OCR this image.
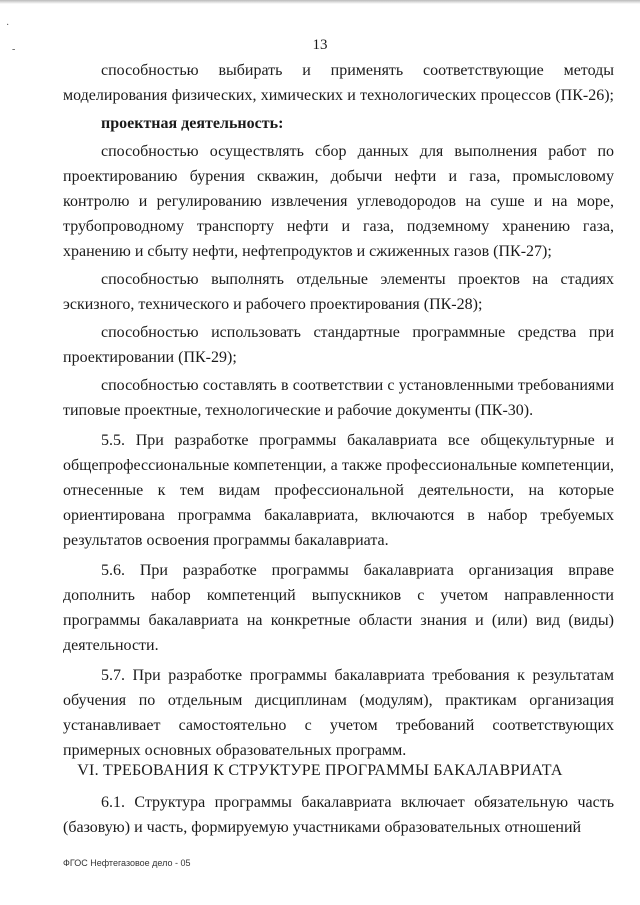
-
·
13

способностью выбирать и применять соответствующие методы моделирования физических, химических и технологических процессов (ПК-26);

проектная деятельность:

способностью осуществлять сбор данных для выполнения работ по проектированию бурения скважин, добычи нефти и газа, промысловому контролю и регулированию извлечения углеводородов на суше и на море, трубопроводному транспорту нефти и газа, подземному хранению газа, хранению и сбыту нефти, нефтепродуктов и сжиженных газов (ПК-27);

способностью выполнять отдельные элементы проектов на стадиях эскизного, технического и рабочего проектирования (ПК-28);

способностью использовать стандартные программные средства при проектировании (ПК-29);

способностью составлять в соответствии с установленными требованиями типовые проектные, технологические и рабочие документы (ПК-30).

5.5. При разработке программы бакалавриата все общекультурные и общепрофессиональные компетенции, а также профессиональные компетенции, отнесенные к тем видам профессиональной деятельности, на которые ориентирована программа бакалавриата, включаются в набор требуемых результатов освоения программы бакалавриата.

5.6. При разработке программы бакалавриата организация вправе дополнить набор компетенций выпускников с учетом направленности программы бакалавриата на конкретные области знания и (или) вид (виды) деятельности.

5.7. При разработке программы бакалавриата требования к результатам обучения по отдельным дисциплинам (модулям), практикам организация устанавливает самостоятельно с учетом требований соответствующих примерных основных образовательных программ.

VI. ТРЕБОВАНИЯ К СТРУКТУРЕ ПРОГРАММЫ БАКАЛАВРИАТА

6.1. Структура программы бакалавриата включает обязательную часть (базовую) и часть, формируемую участниками образовательных отношений

ФГОС Нефтегазовое дело - 05
